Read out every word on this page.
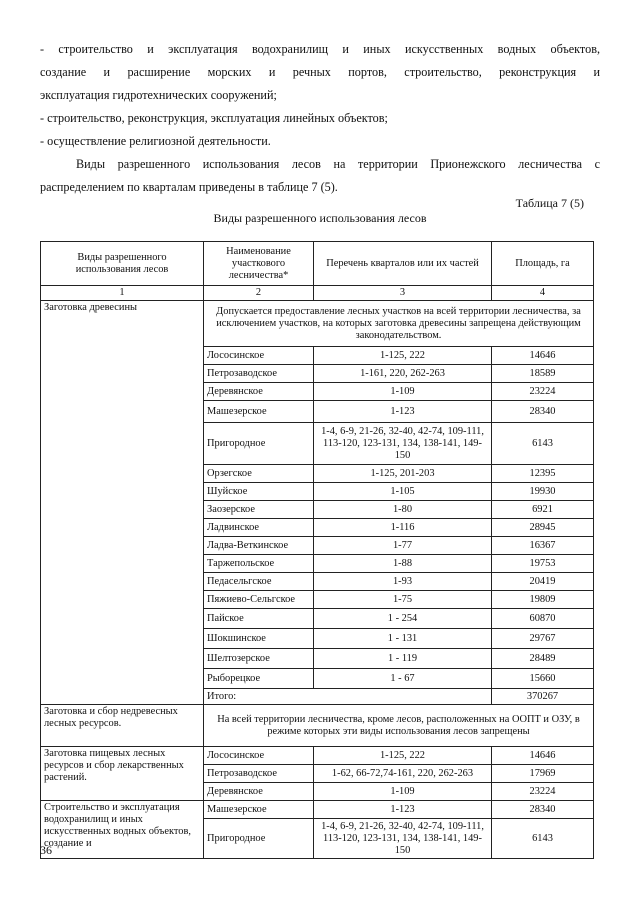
- строительство и эксплуатация водохранилищ и иных искусственных водных объектов,
создание и расширение морских и речных портов, строительство, реконструкция и
эксплуатация гидротехнических сооружений;
- строительство, реконструкция, эксплуатация линейных объектов;
- осуществление религиозной деятельности.
Виды разрешенного использования лесов на территории Прионежского лесничества с
распределением по кварталам приведены в таблице 7 (5).
Таблица 7 (5)
Виды разрешенного использования лесов
Виды разрешенного использования лесов	Наименование участкового лесничества*	Перечень кварталов или их частей	Площадь, га
1	2	3	4
Заготовка древесины	Допускается предоставление лесных участков на всей территории лесничества, за исключением участков, на которых заготовка древесины запрещена действующим законодательством.		
	Лососинское	1-125, 222	14646
	Петрозаводское	1-161, 220, 262-263	18589
	Деревянское	1-109	23224
	Машезерское	1-123	28340
	Пригородное	1-4, 6-9, 21-26, 32-40, 42-74, 109-111, 113-120, 123-131, 134, 138-141, 149-150	6143
	Орзегское	1-125, 201-203	12395
	Шуйское	1-105	19930
	Заозерское	1-80	6921
	Ладвинское	1-116	28945
	Ладва-Веткинское	1-77	16367
	Таржепольское	1-88	19753
	Педасельгское	1-93	20419
	Пяжиево-Сельгское	1-75	19809
	Пайское	1 - 254	60870
	Шокшинское	1 - 131	29767
	Шелтозерское	1 - 119	28489
	Рыборецкое	1 - 67	15660
	Итого:		370267
Заготовка и сбор недревесных лесных ресурсов.	На всей территории лесничества, кроме лесов, расположенных на ООПТ и ОЗУ, в режиме которых эти виды использования лесов запрещены		
Заготовка пищевых лесных ресурсов и сбор лекарственных растений.	Лососинское	1-125, 222	14646
	Петрозаводское	1-62, 66-72,74-161, 220, 262-263	17969
	Деревянское	1-109	23224
Строительство и эксплуатация водохранилищ и иных искусственных водных объектов, создание и	Машезерское	1-123	28340
	Пригородное	1-4, 6-9, 21-26, 32-40, 42-74, 109-111, 113-120, 123-131, 134, 138-141, 149-150	6143
36
